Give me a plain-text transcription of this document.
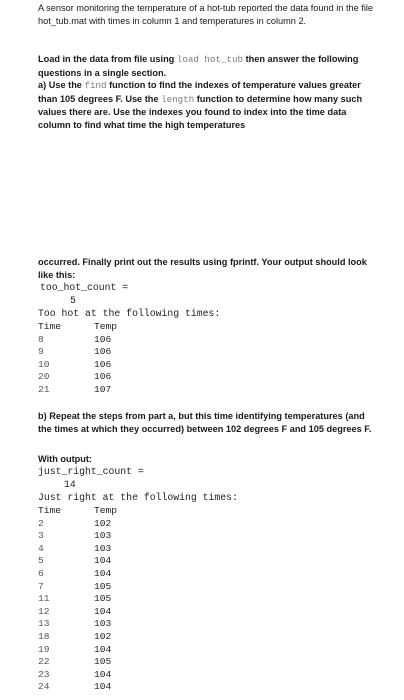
A sensor monitoring the temperature of a hot-tub reported the data found in the file hot_tub.mat with times in column 1 and temperatures in column 2.

Load in the data from file using load hot_tub then answer the following questions in a single section.

a) Use the find function to find the indexes of temperature values greater than 105 degrees F. Use the length function to determine how many such values there are. Use the indexes you found to index into the time data column to find what time the high temperatures

occurred. Finally print out the results using fprintf. Your output should look like this:

too_hot_count =
5
Too hot at the following times:
Time	Temp
8	106
9	106
10	106
20	106
21	107

b) Repeat the steps from part a, but this time identifying temperatures (and the times at which they occurred) between 102 degrees F and 105 degrees F.

With output:

just_right_count =
14
Just right at the following times:
Time	Temp
2	102
3	103
4	103
5	104
6	104
7	105
11	105
12	104
13	103
18	102
19	104
22	105
23	104
24	104
